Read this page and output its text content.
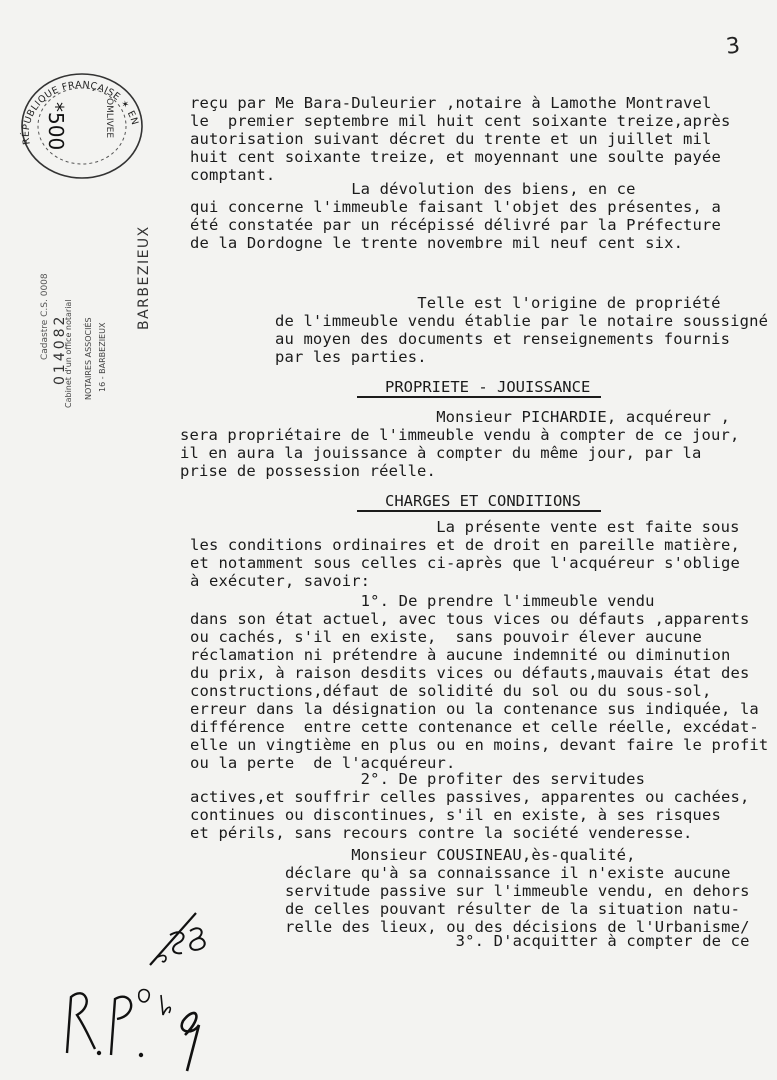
3
RÉPUBLIQUE FRANÇAISE ✶ EN
*500	OMLIVEE
014082
Cadastre C.S. 0008 Cabinet d'un office notarial NOTAIRES ASSOCIÉS 16 - BARBEZIEUX
BARBEZIEUX
reçu par Me Bara-Duleurier ,notaire à Lamothe Montravel
le  premier septembre mil huit cent soixante treize,après
autorisation suivant décret du trente et un juillet mil
huit cent soixante treize, et moyennant une soulte payée
comptant.
La dévolution des biens, en ce
qui concerne l'immeuble faisant l'objet des présentes, a
été constatée par un récépissé délivré par la Préfecture
de la Dordogne le trente novembre mil neuf cent six.
Telle est l'origine de propriété
de l'immeuble vendu établie par le notaire soussigné
au moyen des documents et renseignements fournis
par les parties.
PROPRIETE - JOUISSANCE
Monsieur PICHARDIE, acquéreur ,
sera propriétaire de l'immeuble vendu à compter de ce jour,
il en aura la jouissance à compter du même jour, par la
prise de possession réelle.
CHARGES ET CONDITIONS
La présente vente est faite sous
les conditions ordinaires et de droit en pareille matière,
et notamment sous celles ci-après que l'acquéreur s'oblige
à exécuter, savoir:
1°. De prendre l'immeuble vendu
dans son état actuel, avec tous vices ou défauts ,apparents
ou cachés, s'il en existe,  sans pouvoir élever aucune
réclamation ni prétendre à aucune indemnité ou diminution
du prix, à raison desdits vices ou défauts,mauvais état des
constructions,défaut de solidité du sol ou du sous-sol,
erreur dans la désignation ou la contenance sus indiquée, la
différence  entre cette contenance et celle réelle, excédat-
elle un vingtième en plus ou en moins, devant faire le profit
ou la perte  de l'acquéreur.
2°. De profiter des servitudes
actives,et souffrir celles passives, apparentes ou cachées,
continues ou discontinues, s'il en existe, à ses risques
et périls, sans recours contre la société venderesse.
Monsieur COUSINEAU,ès-qualité,
déclare qu'à sa connaissance il n'existe aucune
servitude passive sur l'immeuble vendu, en dehors
de celles pouvant résulter de la situation natu-
relle des lieux, ou des décisions de l'Urbanisme/
3°. D'acquitter à compter de ce
